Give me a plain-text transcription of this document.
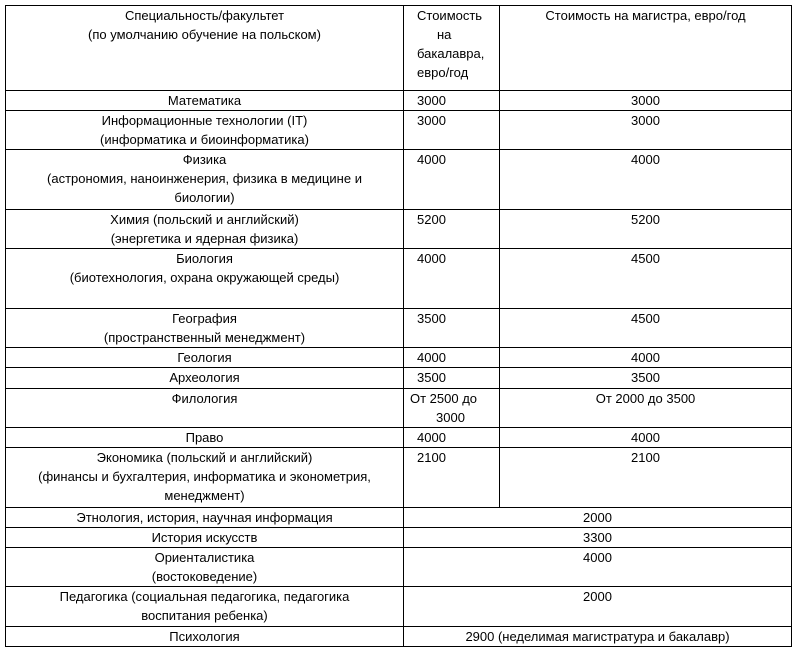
Специальность/факультет
(по умолчанию обучение на польском)	Стоимость
на
бакалавра,
евро/год	Стоимость на магистра, евро/год

Математика	3000	3000

Информационные технологии (IT)
(информатика и биоинформатика)	3000	3000

Физика
(астрономия, наноинженерия, физика в медицине и
биологии)	4000	4000

Химия (польский и английский)
(энергетика и ядерная физика)	5200	5200

Биология
(биотехнология, охрана окружающей среды)	4000	4500

География
(пространственный менеджмент)	3500	4500

Геология	4000	4000

Археология	3500	3500

Филология	От 2500 до
3000	От 2000 до 3500

Право	4000	4000

Экономика (польский и английский)
(финансы и бухгалтерия, информатика и эконометрия,
менеджмент)	2100	2100

Этнология, история, научная информация	2000	

История искусств	3300	

Ориенталистика
(востоковедение)	4000	

Педагогика (социальная педагогика, педагогика
воспитания ребенка)	2000	

Психология	2900 (неделимая магистратура и бакалавр)	
